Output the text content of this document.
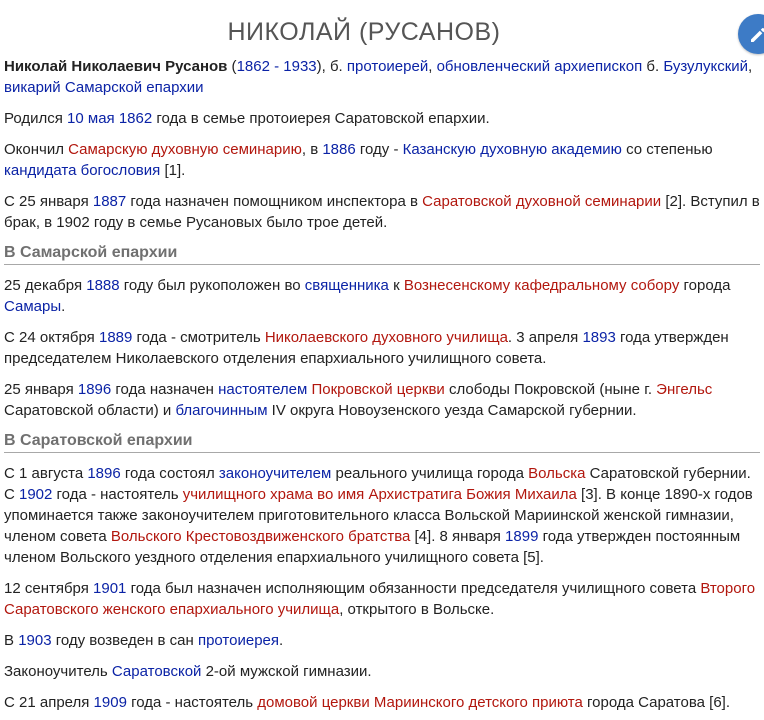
НИКОЛАЙ (РУСАНОВ)

Николай Николаевич Русанов (1862 - 1933), б. протоиерей, обновленческий архиепископ б. Бузулукский, викарий Самарской епархии

Родился 10 мая 1862 года в семье протоиерея Саратовской епархии.

Окончил Самарскую духовную семинарию, в 1886 году - Казанскую духовную академию со степенью кандидата богословия [1].

С 25 января 1887 года назначен помощником инспектора в Саратовской духовной семинарии [2]. Вступил в брак, в 1902 году в семье Русановых было трое детей.

В Самарской епархии

25 декабря 1888 году был рукоположен во священника к Вознесенскому кафедральному собору города Самары.

С 24 октября 1889 года - смотритель Николаевского духовного училища. 3 апреля 1893 года утвержден председателем Николаевского отделения епархиального училищного совета.

25 января 1896 года назначен настоятелем Покровской церкви слободы Покровской (ныне г. Энгельс Саратовской области) и благочинным IV округа Новоузенского уезда Самарской губернии.

В Саратовской епархии

С 1 августа 1896 года состоял законоучителем реального училища города Вольска Саратовской губернии. С 1902 года - настоятель училищного храма во имя Архистратига Божия Михаила [3]. В конце 1890-х годов упоминается также законоучителем приготовительного класса Вольской Мариинской женской гимназии, членом совета Вольского Крестовоздвиженского братства [4]. 8 января 1899 года утвержден постоянным членом Вольского уездного отделения епархиального училищного совета [5].

12 сентября 1901 года был назначен исполняющим обязанности председателя училищного совета Второго Саратовского женского епархиального училища, открытого в Вольске.

В 1903 году возведен в сан протоиерея.

Законоучитель Саратовской 2-ой мужской гимназии.

С 21 апреля 1909 года - настоятель домовой церкви Мариинского детского приюта города Саратова [6].
